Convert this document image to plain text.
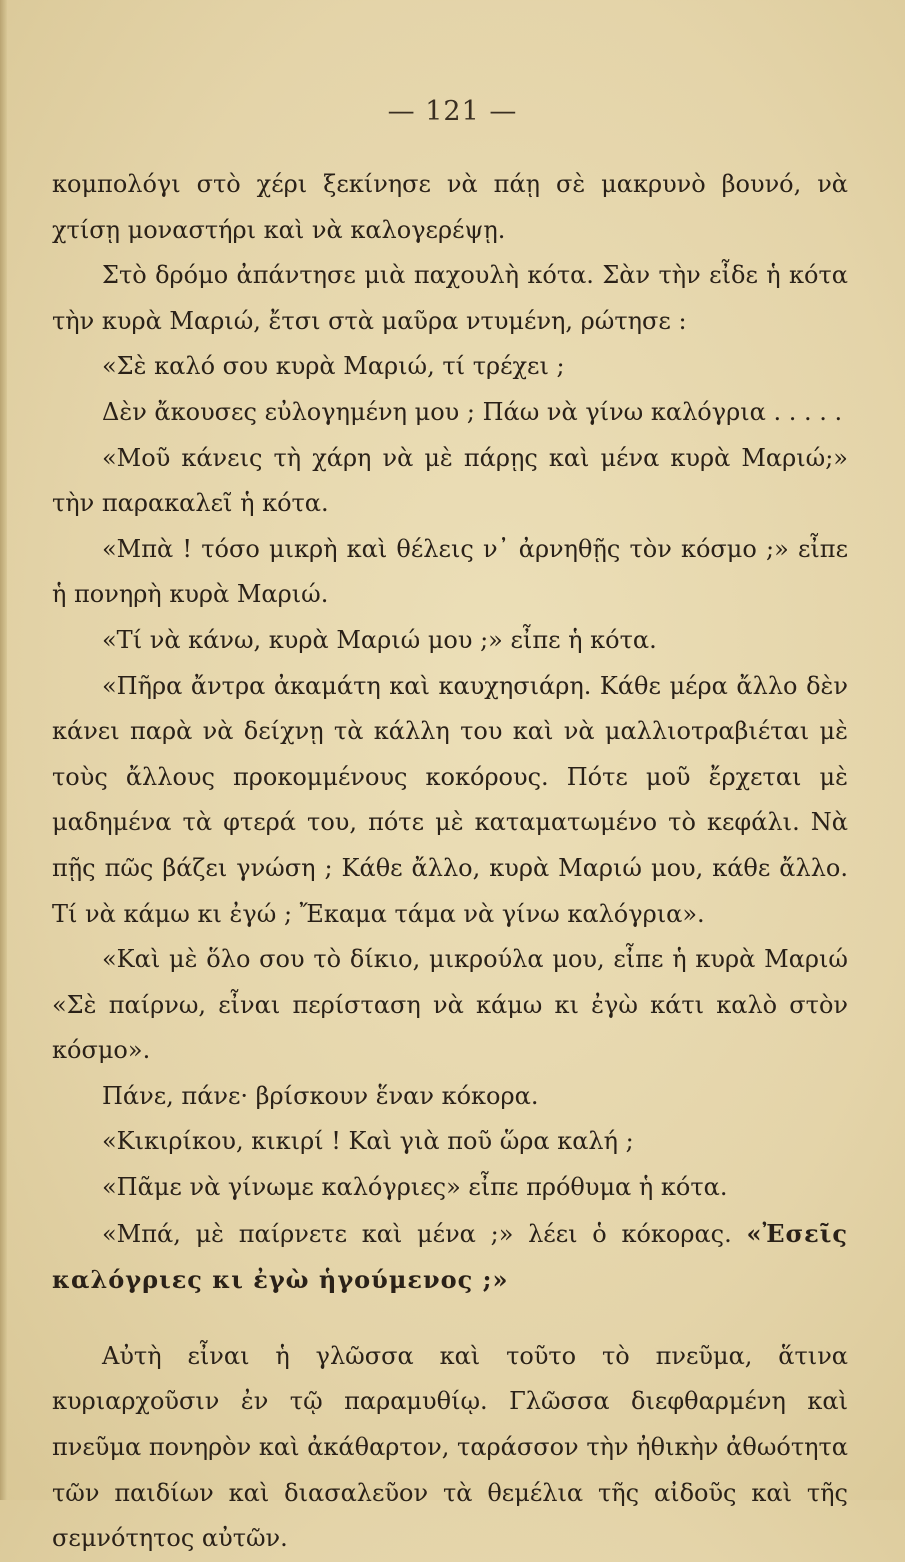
— 121 —

κομπολόγι στὸ χέρι ξεκίνησε νὰ πάῃ σὲ μακρυνὸ βουνό, νὰ χτίσῃ μοναστήρι καὶ νὰ καλογερέψῃ.

Στὸ δρόμο ἀπάντησε μιὰ παχουλὴ κότα. Σὰν τὴν εἶδε ἡ κότα τὴν κυρὰ Μαριώ, ἔτσι στὰ μαῦρα ντυμένη, ρώτησε :

«Σὲ καλό σου κυρὰ Μαριώ, τί τρέχει ;

Δὲν ἄκουσες εὐλογημένη μου ; Πάω νὰ γίνω καλόγρια . . . . .

«Μοῦ κάνεις τὴ χάρη νὰ μὲ πάρῃς καὶ μένα κυρὰ Μαριώ;» τὴν παρακαλεῖ ἡ κότα.

«Μπὰ ! τόσο μικρὴ καὶ θέλεις ν᾽ ἀρνηθῇς τὸν κόσμο ;» εἶπε ἡ πονηρὴ κυρὰ Μαριώ.

«Τί νὰ κάνω, κυρὰ Μαριώ μου ;» εἶπε ἡ κότα.

«Πῆρα ἄντρα ἀκαμάτη καὶ καυχησιάρη. Κάθε μέρα ἄλλο δὲν κάνει παρὰ νὰ δείχνῃ τὰ κάλλη του καὶ νὰ μαλλιοτραβιέται μὲ τοὺς ἄλλους προκομμένους κοκόρους. Πότε μοῦ ἔρχεται μὲ μαδημένα τὰ φτερά του, πότε μὲ καταματωμένο τὸ κεφάλι. Νὰ πῇς πῶς βάζει γνώση ; Κάθε ἄλλο, κυρὰ Μαριώ μου, κάθε ἄλλο. Τί νὰ κάμω κι ἐγώ ; Ἔκαμα τάμα νὰ γίνω καλόγρια».

«Καὶ μὲ ὅλο σου τὸ δίκιο, μικρούλα μου, εἶπε ἡ κυρὰ Μαριώ «Σὲ παίρνω, εἶναι περίσταση νὰ κάμω κι ἐγὼ κάτι καλὸ στὸν κόσμο».

Πάνε, πάνε· βρίσκουν ἕναν κόκορα.

«Κικιρίκου, κικιρί ! Καὶ γιὰ ποῦ ὥρα καλή ;

«Πᾶμε νὰ γίνωμε καλόγριες» εἶπε πρόθυμα ἡ κότα.

«Μπά, μὲ παίρνετε καὶ μένα ;» λέει ὁ κόκορας. «Ἐσεῖς καλόγριες κι ἐγὼ ἡγούμενος ;»

Αὐτὴ εἶναι ἡ γλῶσσα καὶ τοῦτο τὸ πνεῦμα, ἅτινα κυριαρχοῦσιν ἐν τῷ παραμυθίῳ. Γλῶσσα διεφθαρμένη καὶ πνεῦμα πονηρὸν καὶ ἀκάθαρτον, ταράσσον τὴν ἠθικὴν ἀθωότητα τῶν παιδίων καὶ διασαλεῦον τὰ θεμέλια τῆς αἰδοῦς καὶ τῆς σεμνότητος αὐτῶν.
